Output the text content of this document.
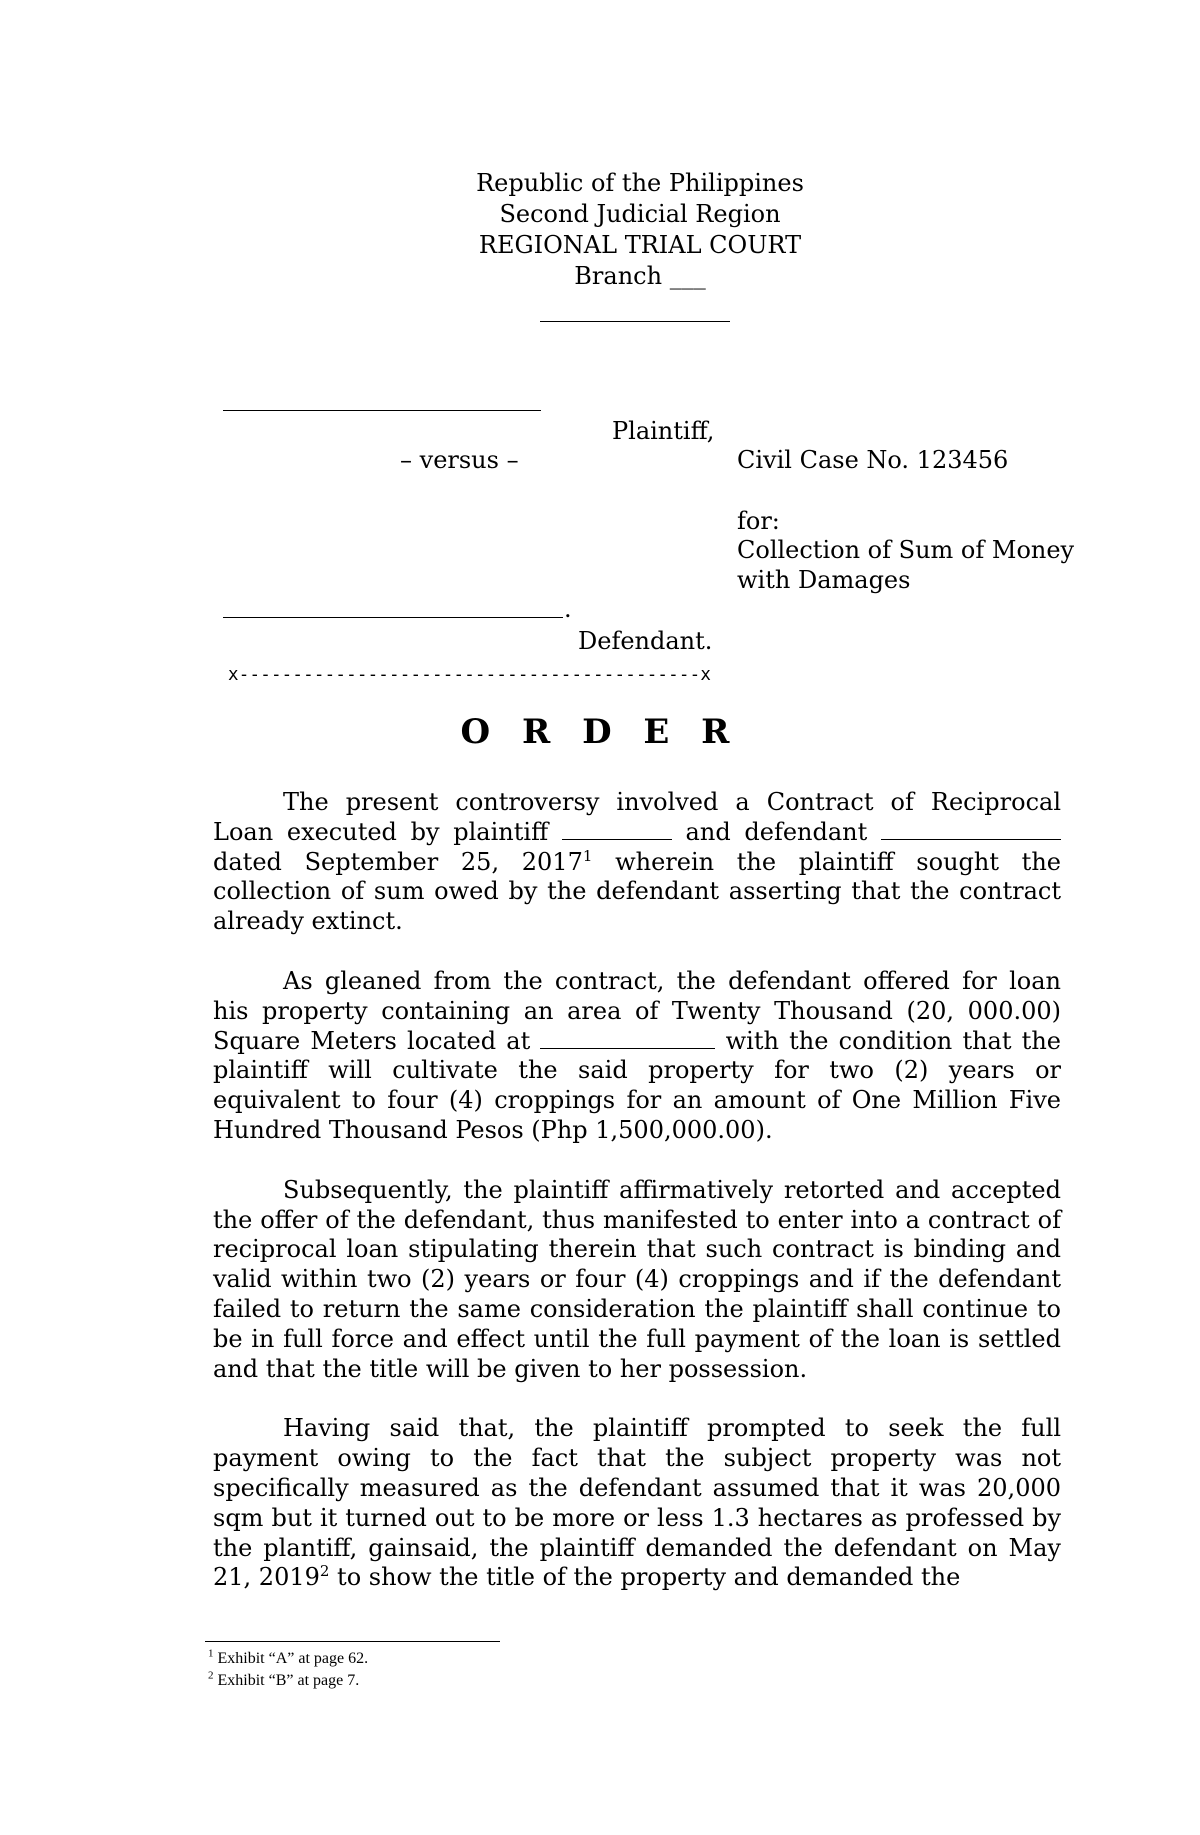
Republic of the Philippines
Second Judicial Region
REGIONAL TRIAL COURT
Branch ___
Plaintiff,
– versus –	Civil Case No. 123456
for:
Collection of Sum of Money
with Damages
.
Defendant.
x-------------------------------------------x
O R D E R

The present controversy involved a Contract of Reciprocal Loan executed by plaintiff	and defendant  dated September 25, 2017$^1$ wherein the plaintiff sought the collection of sum owed by the defendant asserting that the contract already extinct.

As gleaned from the contract, the defendant offered for loan his property containing an area of Twenty Thousand (20, 000.00) Square Meters located at	with the condition that the plaintiff will cultivate the said property for two (2) years or equivalent to four (4) croppings for an amount of One Million Five Hundred Thousand Pesos (Php 1,500,000.00).

Subsequently, the plaintiff affirmatively retorted and accepted the offer of the defendant, thus manifested to enter into a contract of reciprocal loan stipulating therein that such contract is binding and valid within two (2) years or four (4) croppings and if the defendant failed to return the same consideration the plaintiff shall continue to be in full force and effect until the full payment of the loan is settled and that the title will be given to her possession.

Having said that, the plaintiff prompted to seek the full payment owing to the fact that the subject property was not specifically measured as the defendant assumed that it was 20,000 sqm but it turned out to be more or less 1.3 hectares as professed by the plantiff, gainsaid, the plaintiff demanded the defendant on May 21, 2019$^2$ to show the title of the property and demanded the

$^1$ Exhibit “A” at page 62.
$^2$ Exhibit “B” at page 7.
